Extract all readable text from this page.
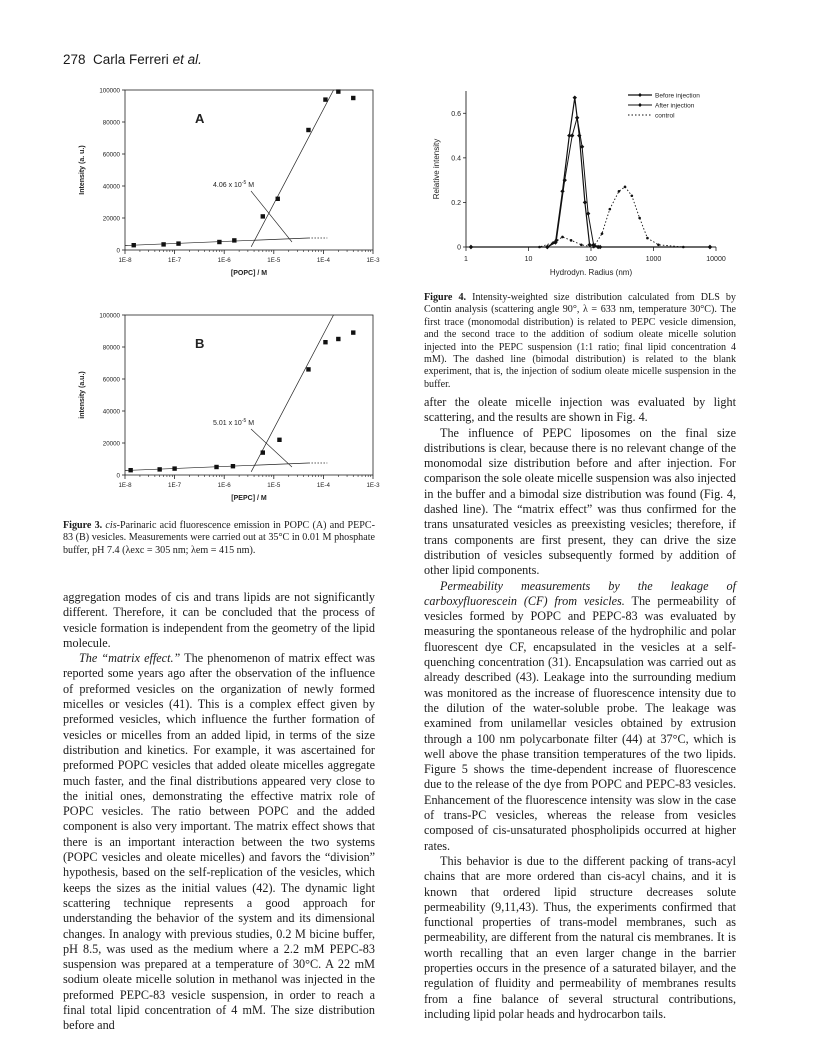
278 Carla Ferreri et al.
0
20000
40000
60000
80000
100000
1E-8	1E-7	1E-6	1E-5	1E-4	1E-3
[POPC] / M
Intensity (a. u.)
A
4.06 x $10^{-5}$ M
0
20000
40000
60000
80000
100000
1E-8	1E-7	1E-6	1E-5	1E-4	1E-3
[PEPC] / M
intensity (a.u.)
B
5.01 x $10^{-5}$ M
Figure 3. cis-Parinaric acid fluorescence emission in POPC (A) and PEPC-83 (B) vesicles. Measurements were carried out at 35°C in 0.01 M phosphate buffer, pH 7.4 (λexc = 305 nm; λem = 415 nm).
0
0.2
0.4
0.6
1	10	100	1000	10000
Hydrodyn. Radius (nm)
Relative intensity
Before injection
After injection
control
Figure 4. Intensity-weighted size distribution calculated from DLS by Contin analysis (scattering angle 90°, λ = 633 nm, temperature 30°C). The first trace (monomodal distribution) is related to PEPC vesicle dimension, and the second trace to the addition of sodium oleate micelle solution injected into the PEPC suspension (1:1 ratio; final lipid concentration 4 mM). The dashed line (bimodal distribution) is related to the blank experiment, that is, the injection of sodium oleate micelle suspension in the buffer.

aggregation modes of cis and trans lipids are not significantly different. Therefore, it can be concluded that the process of vesicle formation is independent from the geometry of the lipid molecule.

The “matrix effect.” The phenomenon of matrix effect was reported some years ago after the observation of the influence of preformed vesicles on the organization of newly formed micelles or vesicles (41). This is a complex effect given by preformed vesicles, which influence the further formation of vesicles or micelles from an added lipid, in terms of the size distribution and kinetics. For example, it was ascertained for preformed POPC vesicles that added oleate micelles aggregate much faster, and the final distributions appeared very close to the initial ones, demonstrating the effective matrix role of POPC vesicles. The ratio between POPC and the added component is also very important. The matrix effect shows that there is an important interaction between the two systems (POPC vesicles and oleate micelles) and favors the “division” hypothesis, based on the self-replication of the vesicles, which keeps the sizes as the initial values (42). The dynamic light scattering technique represents a good approach for understanding the behavior of the system and its dimensional changes. In analogy with previous studies, 0.2 M bicine buffer, pH 8.5, was used as the medium where a 2.2 mM PEPC-83 suspension was prepared at a temperature of 30°C. A 22 mM sodium oleate micelle solution in methanol was injected in the preformed PEPC-83 vesicle suspension, in order to reach a final total lipid concentration of 4 mM. The size distribution before and

after the oleate micelle injection was evaluated by light scattering, and the results are shown in Fig. 4.

The influence of PEPC liposomes on the final size distributions is clear, because there is no relevant change of the monomodal size distribution before and after injection. For comparison the sole oleate micelle suspension was also injected in the buffer and a bimodal size distribution was found (Fig. 4, dashed line). The “matrix effect” was thus confirmed for the trans unsaturated vesicles as preexisting vesicles; therefore, if trans components are first present, they can drive the size distribution of vesicles subsequently formed by addition of other lipid components.

Permeability measurements by the leakage of carboxyfluorescein (CF) from vesicles. The permeability of vesicles formed by POPC and PEPC-83 was evaluated by measuring the spontaneous release of the hydrophilic and polar fluorescent dye CF, encapsulated in the vesicles at a self-quenching concentration (31). Encapsulation was carried out as already described (43). Leakage into the surrounding medium was monitored as the increase of fluorescence intensity due to the dilution of the water-soluble probe. The leakage was examined from unilamellar vesicles obtained by extrusion through a 100 nm polycarbonate filter (44) at 37°C, which is well above the phase transition temperatures of the two lipids. Figure 5 shows the time-dependent increase of fluorescence due to the release of the dye from POPC and PEPC-83 vesicles. Enhancement of the fluorescence intensity was slow in the case of trans-PC vesicles, whereas the release from vesicles composed of cis-unsaturated phospholipids occurred at higher rates.

This behavior is due to the different packing of trans-acyl chains that are more ordered than cis-acyl chains, and it is known that ordered lipid structure decreases solute permeability (9,11,43). Thus, the experiments confirmed that functional properties of trans-model membranes, such as permeability, are different from the natural cis membranes. It is worth recalling that an even larger change in the barrier properties occurs in the presence of a saturated bilayer, and the regulation of fluidity and permeability of membranes results from a fine balance of several structural contributions, including lipid polar heads and hydrocarbon tails.
